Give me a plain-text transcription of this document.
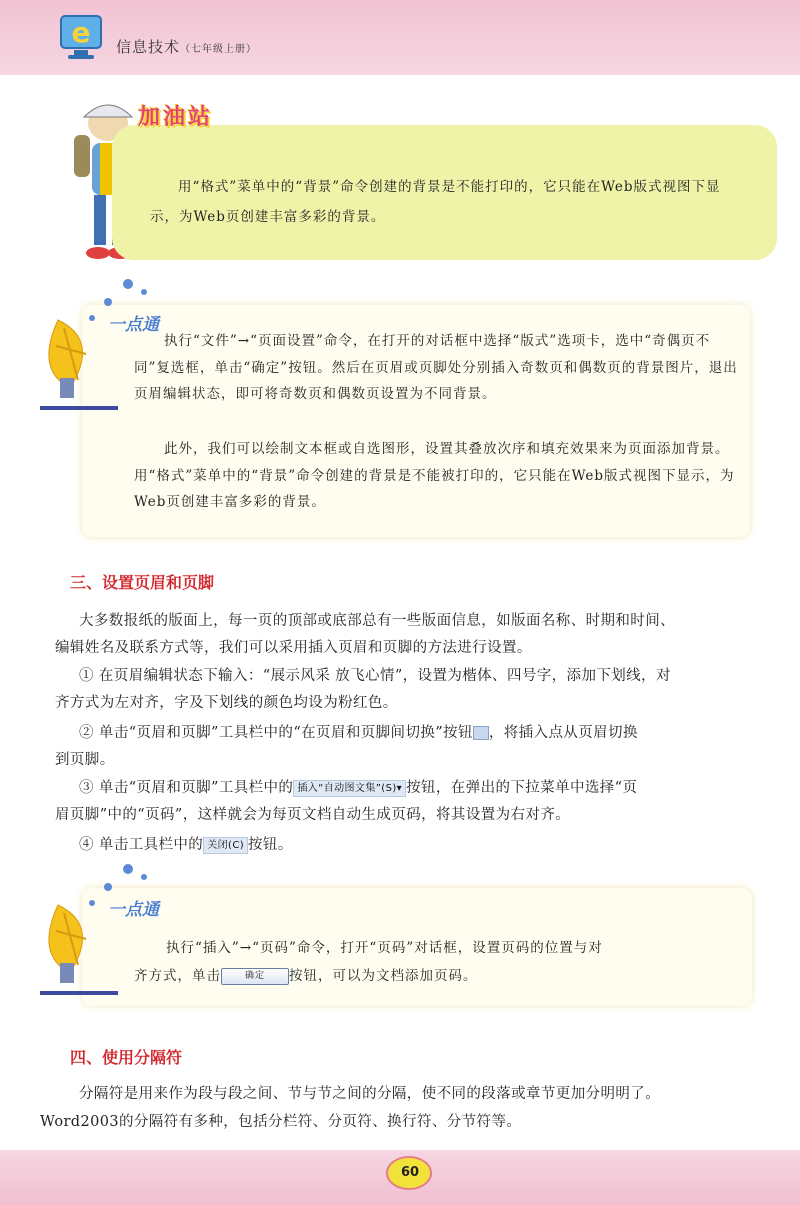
e 信息技术（七年级上册）
加油站
用“格式”菜单中的“背景”命令创建的背景是不能打印的，它只能在Web版式视图下显示，为Web页创建丰富多彩的背景。
一点通
执行“文件”→“页面设置”命令，在打开的对话框中选择“版式”选项卡，选中“奇偶页不同”复选框，单击“确定”按钮。然后在页眉或页脚处分别插入奇数页和偶数页的背景图片，退出页眉编辑状态，即可将奇数页和偶数页设置为不同背景。
此外，我们可以绘制文本框或自选图形，设置其叠放次序和填充效果来为页面添加背景。用“格式”菜单中的“背景”命令创建的背景是不能被打印的，它只能在Web版式视图下显示，为Web页创建丰富多彩的背景。
三、设置页眉和页脚
大多数报纸的版面上，每一页的顶部或底部总有一些版面信息，如版面名称、时期和时间、
编辑姓名及联系方式等，我们可以采用插入页眉和页脚的方法进行设置。
① 在页眉编辑状态下输入：“展示风采 放飞心情”，设置为楷体、四号字，添加下划线，对
齐方式为左对齐，字及下划线的颜色均设为粉红色。
② 单击“页眉和页脚”工具栏中的“在页眉和页脚间切换”按钮 ，将插入点从页眉切换
到页脚。
③ 单击“页眉和页脚”工具栏中的 插入“自动图文集”(S)▾ 按钮，在弹出的下拉菜单中选择“页
眉页脚”中的“页码”，这样就会为每页文档自动生成页码，将其设置为右对齐。
④ 单击工具栏中的 关闭(C) 按钮。
一点通
执行“插入”→“页码”命令，打开“页码”对话框，设置页码的位置与对
齐方式，单击	确定 按钮，可以为文档添加页码。
四、使用分隔符
分隔符是用来作为段与段之间、节与节之间的分隔，使不同的段落或章节更加分明明了。
Word2003的分隔符有多种，包括分栏符、分页符、换行符、分节符等。
60
